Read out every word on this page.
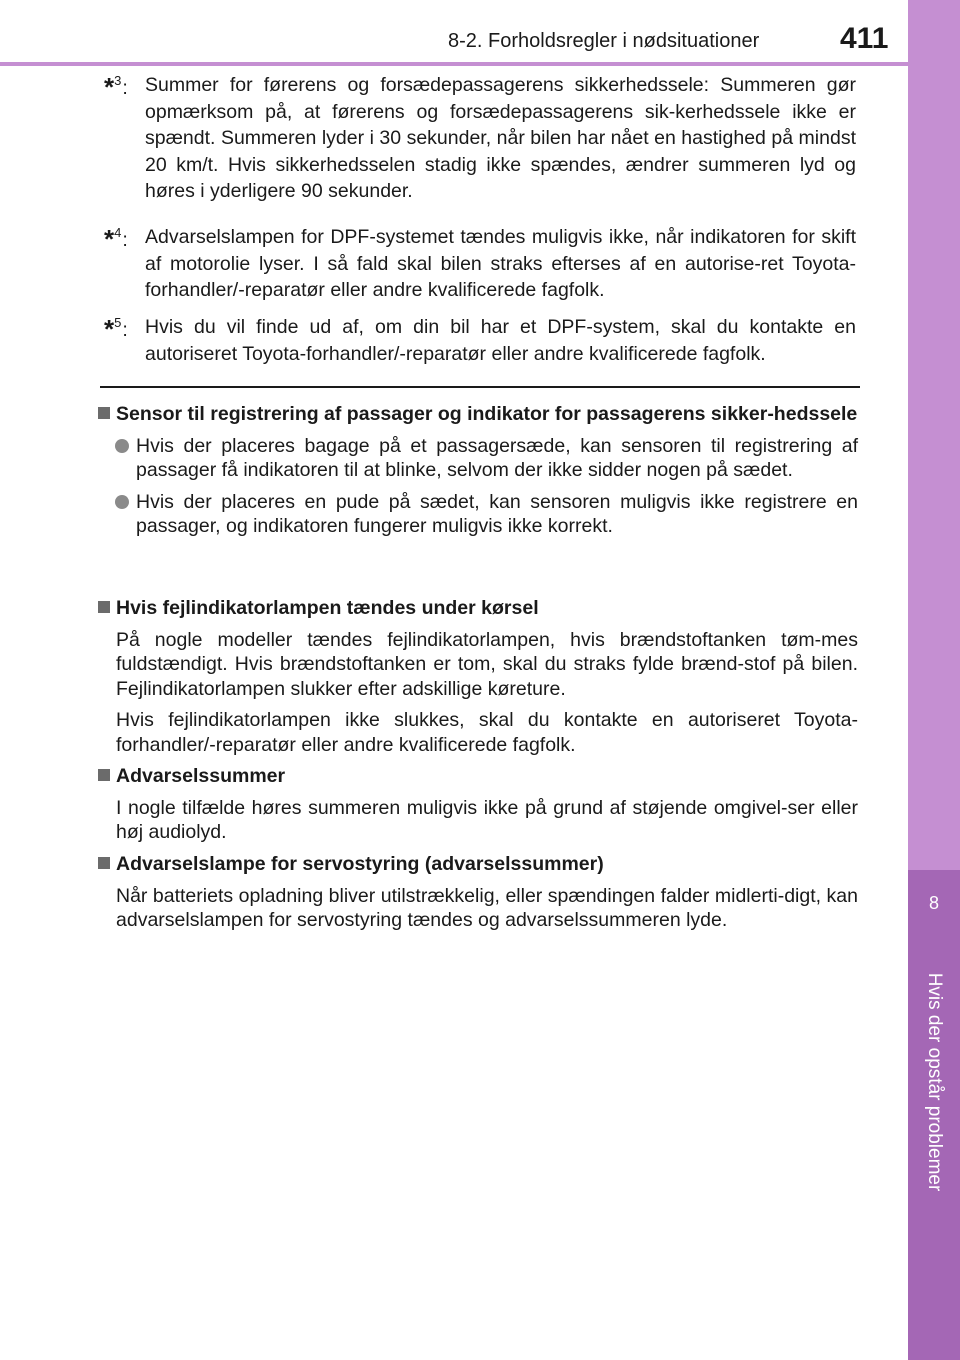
8-2. Forholdsregler i nødsituationer	411
8
Hvis der opstår problemer
*$^3$: Summer for førerens og forsædepassagerens sikkerhedssele: Summeren gør opmærksom på, at førerens og forsædepassagerens sik-kerhedssele ikke er spændt. Summeren lyder i 30 sekunder, når bilen har nået en hastighed på mindst 20 km/t. Hvis sikkerhedsselen stadig ikke spændes, ændrer summeren lyd og høres i yderligere 90 sekunder.
*$^4$: Advarselslampen for DPF-systemet tændes muligvis ikke, når indikatoren for skift af motorolie lyser. I så fald skal bilen straks efterses af en autorise-ret Toyota-forhandler/-reparatør eller andre kvalificerede fagfolk.
*$^5$: Hvis du vil finde ud af, om din bil har et DPF-system, skal du kontakte en autoriseret Toyota-forhandler/-reparatør eller andre kvalificerede fagfolk.
Sensor til registrering af passager og indikator for passagerens sikker-hedssele
Hvis der placeres bagage på et passagersæde, kan sensoren til registrering af passager få indikatoren til at blinke, selvom der ikke sidder nogen på sædet.
Hvis der placeres en pude på sædet, kan sensoren muligvis ikke registrere en passager, og indikatoren fungerer muligvis ikke korrekt.
Hvis fejlindikatorlampen tændes under kørsel
På nogle modeller tændes fejlindikatorlampen, hvis brændstoftanken tøm-mes fuldstændigt. Hvis brændstoftanken er tom, skal du straks fylde brænd-stof på bilen. Fejlindikatorlampen slukker efter adskillige køreture.
Hvis fejlindikatorlampen ikke slukkes, skal du kontakte en autoriseret Toyota-forhandler/-reparatør eller andre kvalificerede fagfolk.
Advarselssummer
I nogle tilfælde høres summeren muligvis ikke på grund af støjende omgivel-ser eller høj audiolyd.
Advarselslampe for servostyring (advarselssummer)
Når batteriets opladning bliver utilstrækkelig, eller spændingen falder midlerti-digt, kan advarselslampen for servostyring tændes og advarselssummeren lyde.
